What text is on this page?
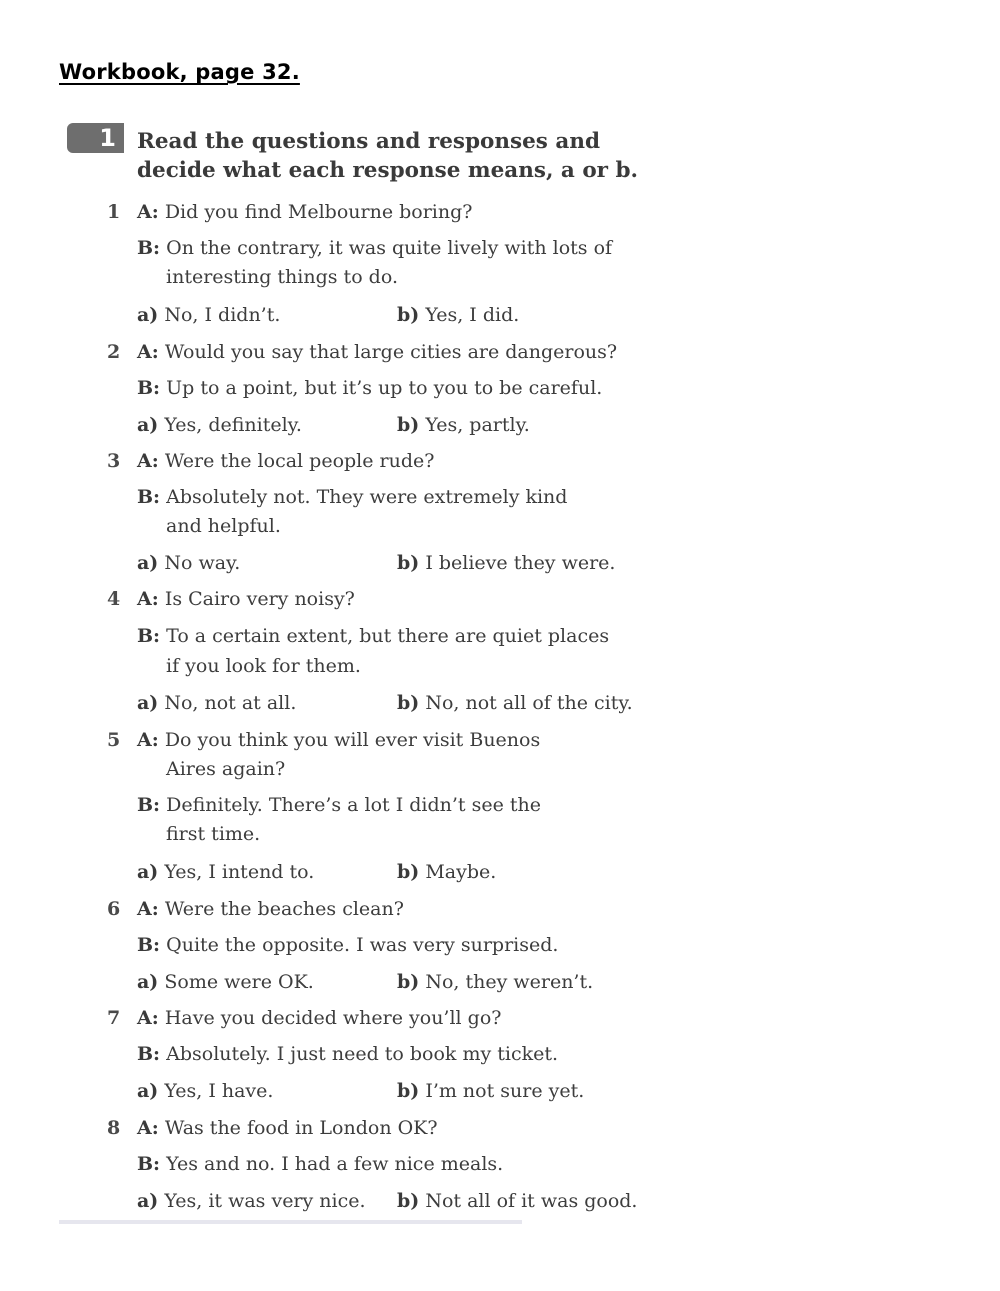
Workbook, page 32.
1 Read the questions and responses and
decide what each response means, a or b.
1 A: Did you find Melbourne boring?
B: On the contrary, it was quite lively with lots of
interesting things to do.
a) No, I didn’t.	b) Yes, I did.
2 A: Would you say that large cities are dangerous?
B: Up to a point, but it’s up to you to be careful.
a) Yes, definitely.	b) Yes, partly.
3 A: Were the local people rude?
B: Absolutely not. They were extremely kind
and helpful.
a) No way.	b) I believe they were.
4 A: Is Cairo very noisy?
B: To a certain extent, but there are quiet places
if you look for them.
a) No, not at all.	b) No, not all of the city.
5 A: Do you think you will ever visit Buenos
Aires again?
B: Definitely. There’s a lot I didn’t see the
first time.
a) Yes, I intend to.	b) Maybe.
6 A: Were the beaches clean?
B: Quite the opposite. I was very surprised.
a) Some were OK.	b) No, they weren’t.
7 A: Have you decided where you’ll go?
B: Absolutely. I just need to book my ticket.
a) Yes, I have.	b) I’m not sure yet.
8 A: Was the food in London OK?
B: Yes and no. I had a few nice meals.
a) Yes, it was very nice. b) Not all of it was good.
